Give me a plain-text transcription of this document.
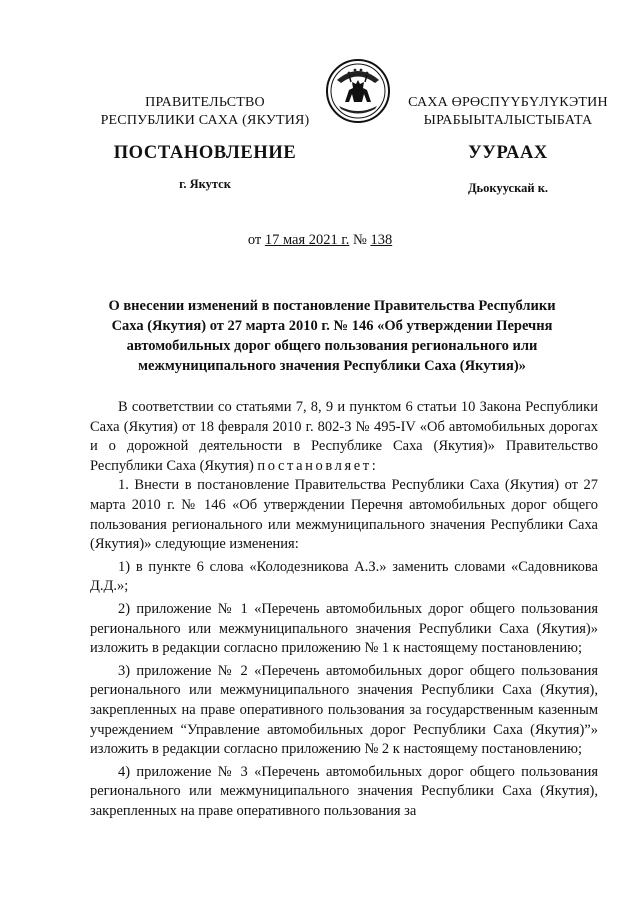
ПРАВИТЕЛЬСТВО
РЕСПУБЛИКИ САХА (ЯКУТИЯ)
САХА ӨРӨСПҮҮБҮЛҮКЭТИН
ЫРАБЫЫТАЛЫСТЫБАТА
ПОСТАНОВЛЕНИЕ	УУРААХ
г. Якутск	Дьокуускай к.
от 17 мая 2021 г. № 138
О внесении изменений в постановление Правительства Республики Саха (Якутия) от 27 марта 2010 г. № 146 «Об утверждении Перечня автомобильных дорог общего пользования регионального или межмуниципального значения Республики Саха (Якутия)»

В соответствии со статьями 7, 8, 9 и пунктом 6 статьи 10 Закона Республики Саха (Якутия) от 18 февраля 2010 г. 802-З № 495-IV «Об автомобильных дорогах и о дорожной деятельности в Республике Саха (Якутия)» Правительство Республики Саха (Якутия) постановляет:

1. Внести в постановление Правительства Республики Саха (Якутия) от 27 марта 2010 г. № 146 «Об утверждении Перечня автомобильных дорог общего пользования регионального или межмуниципального значения Республики Саха (Якутия)» следующие изменения:

1) в пункте 6 слова «Колодезникова А.З.» заменить словами «Садовникова Д.Д.»;

2) приложение № 1 «Перечень автомобильных дорог общего пользования регионального или межмуниципального значения Республики Саха (Якутия)» изложить в редакции согласно приложению № 1 к настоящему постановлению;

3) приложение № 2 «Перечень автомобильных дорог общего пользования регионального или межмуниципального значения Республики Саха (Якутия), закрепленных на праве оперативного пользования за государственным казенным учреждением “Управление автомобильных дорог Республики Саха (Якутия)”» изложить в редакции согласно приложению № 2 к настоящему постановлению;

4) приложение № 3 «Перечень автомобильных дорог общего пользования регионального или межмуниципального значения Республики Саха (Якутия), закрепленных на праве оперативного пользования за
